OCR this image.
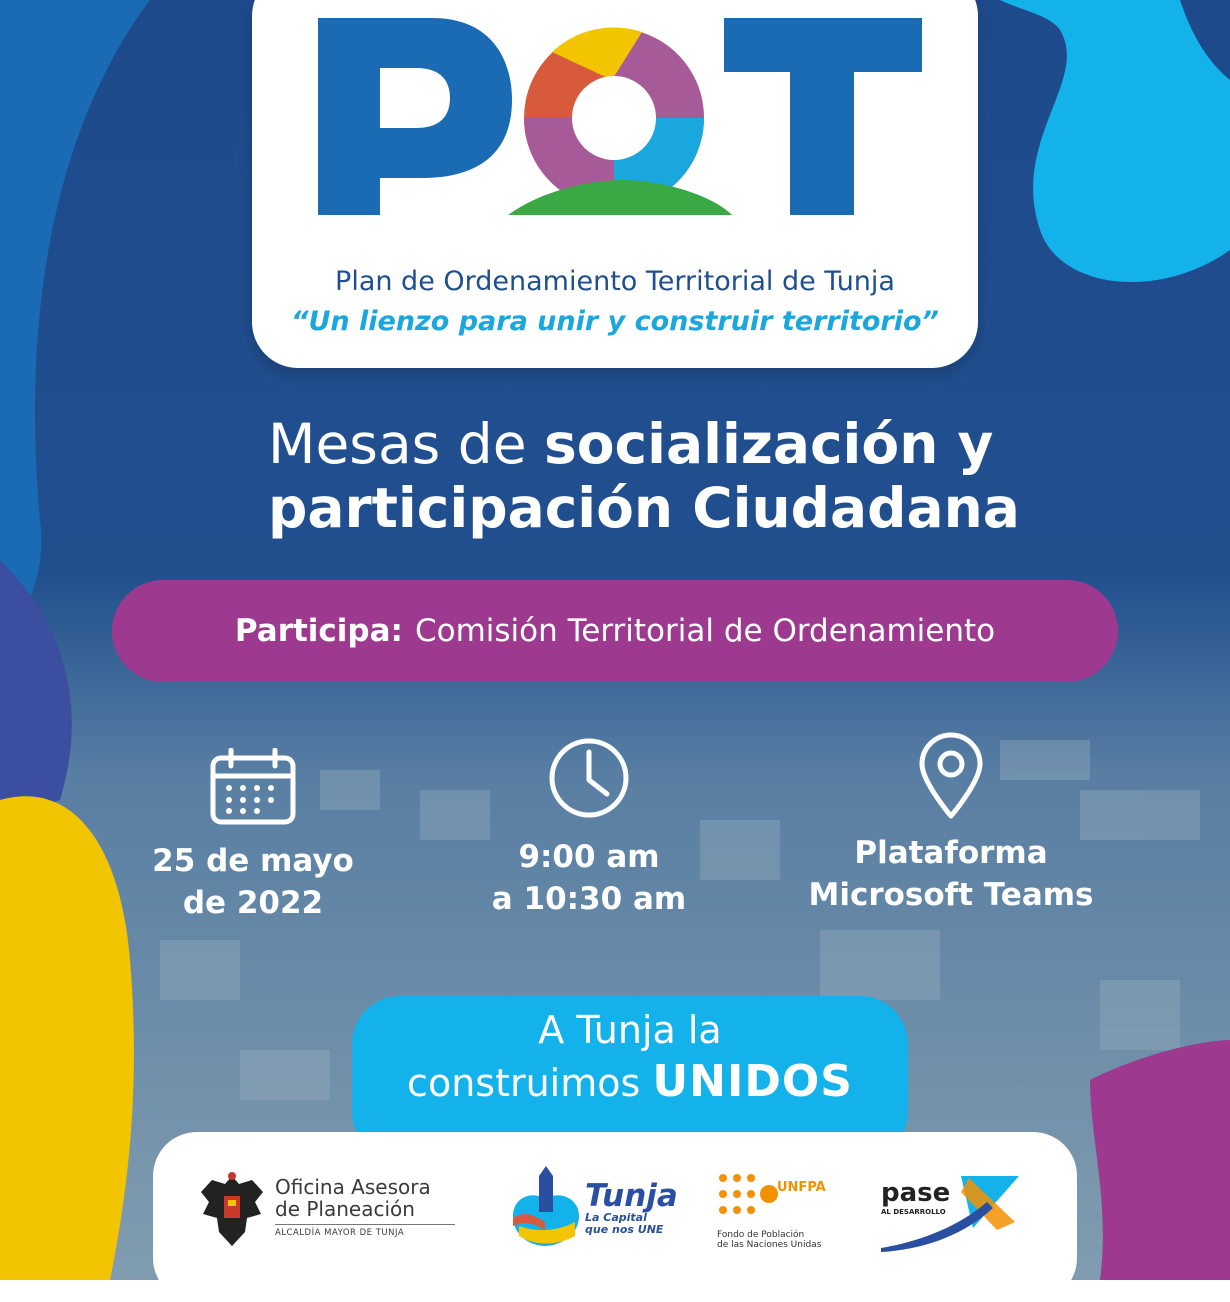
Plan de Ordenamiento Territorial de Tunja
“Un lienzo para unir y construir territorio”
Mesas de socialización y
participación Ciudadana
Participa: Comisión Territorial de Ordenamiento
25 de mayo
de 2022
9:00 am
a 10:30 am
Plataforma
Microsoft Teams
A Tunja la
construimos UNIDOS
Oficina Asesora
de Planeación
ALCALDÍA MAYOR DE TUNJA
Tunja
La Capital
que nos UNE
UNFPA
Fondo de Población
de las Naciones Unidas
pase
AL DESARROLLO
